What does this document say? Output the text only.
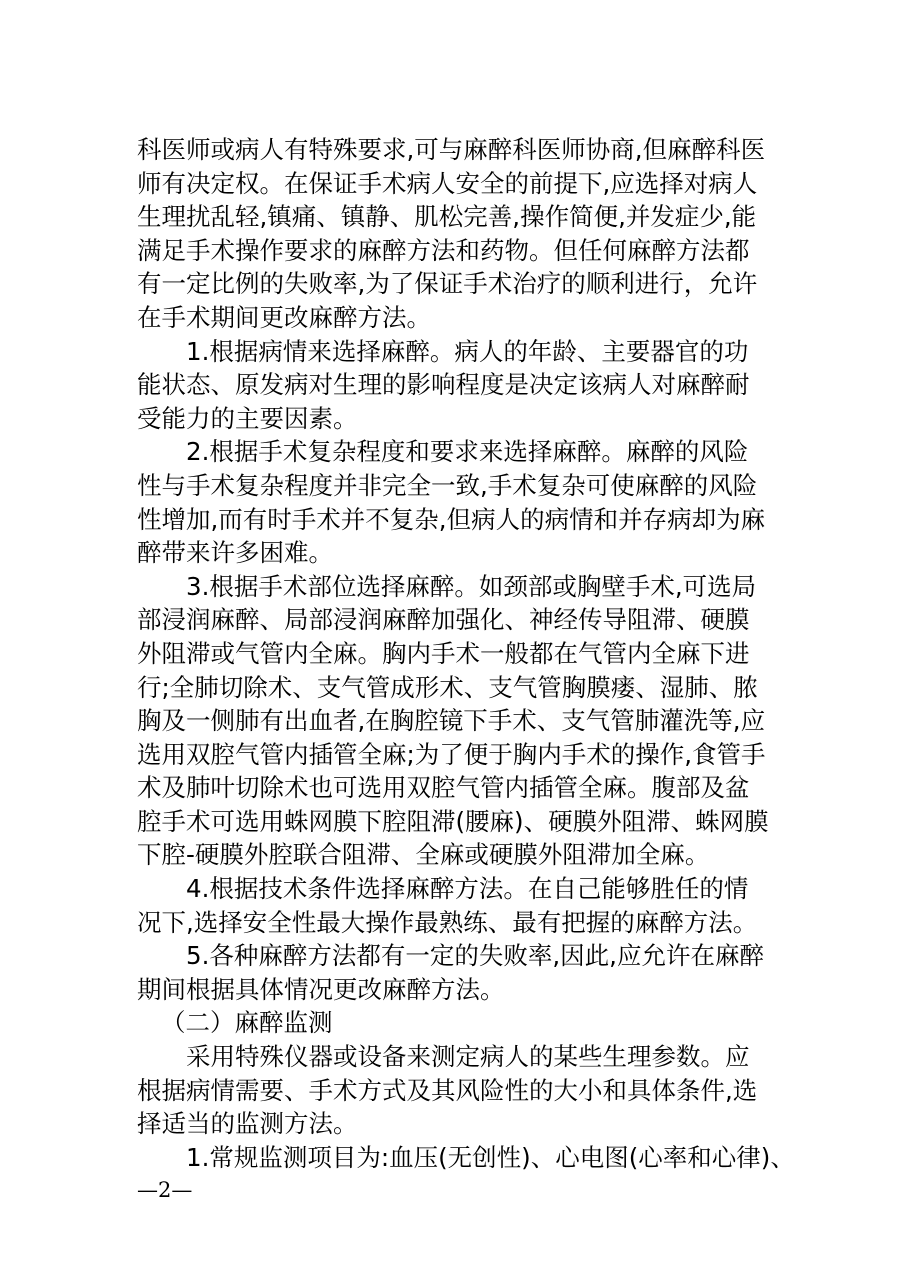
科医师或病人有特殊要求,可与麻醉科医师协商,但麻醉科医
师有决定权。在保证手术病人安全的前提下,应选择对病人
生理扰乱轻,镇痛、镇静、肌松完善,操作简便,并发症少,能
满足手术操作要求的麻醉方法和药物。但任何麻醉方法都
有一定比例的失败率,为了保证手术治疗的顺利进行，允许
在手术期间更改麻醉方法。
1.根据病情来选择麻醉。病人的年龄、主要器官的功
能状态、原发病对生理的影响程度是决定该病人对麻醉耐
受能力的主要因素。
2.根据手术复杂程度和要求来选择麻醉。麻醉的风险
性与手术复杂程度并非完全一致,手术复杂可使麻醉的风险
性增加,而有时手术并不复杂,但病人的病情和并存病却为麻
醉带来许多困难。
3.根据手术部位选择麻醉。如颈部或胸壁手术,可选局
部浸润麻醉、局部浸润麻醉加强化、神经传导阻滞、硬膜
外阻滞或气管内全麻。胸内手术一般都在气管内全麻下进
行;全肺切除术、支气管成形术、支气管胸膜瘘、湿肺、脓
胸及一侧肺有出血者,在胸腔镜下手术、支气管肺灌洗等,应
选用双腔气管内插管全麻;为了便于胸内手术的操作,食管手
术及肺叶切除术也可选用双腔气管内插管全麻。腹部及盆
腔手术可选用蛛网膜下腔阻滞(腰麻)、硬膜外阻滞、蛛网膜
下腔-硬膜外腔联合阻滞、全麻或硬膜外阻滞加全麻。
4.根据技术条件选择麻醉方法。在自己能够胜任的情
况下,选择安全性最大操作最熟练、最有把握的麻醉方法。
5.各种麻醉方法都有一定的失败率,因此,应允许在麻醉
期间根据具体情况更改麻醉方法。
（二）麻醉监测
采用特殊仪器或设备来测定病人的某些生理参数。应
根据病情需要、手术方式及其风险性的大小和具体条件,选
择适当的监测方法。
1.常规监测项目为:血压(无创性)、心电图(心率和心律)、
—2—
